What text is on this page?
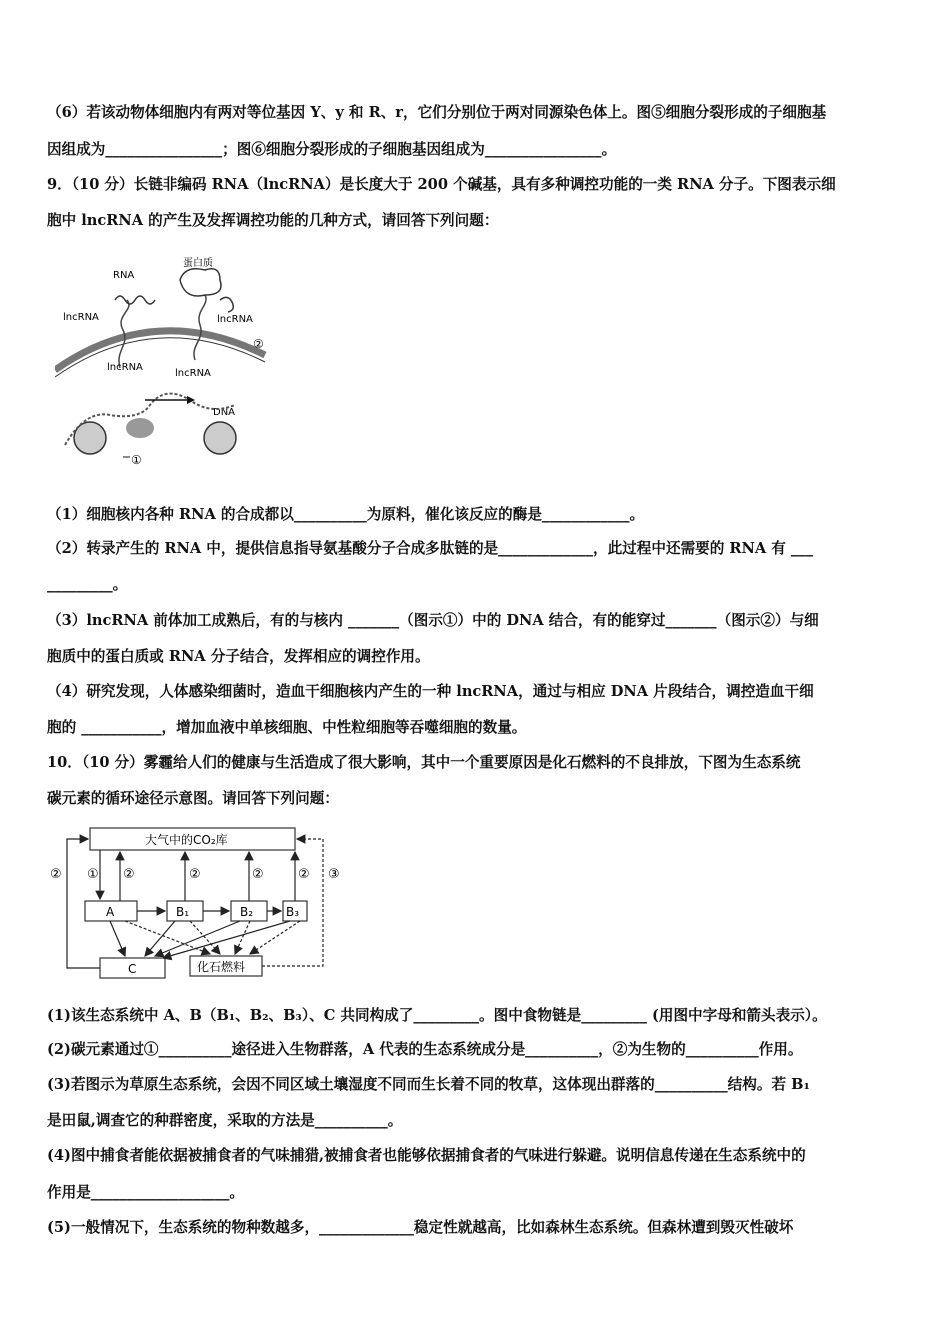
（6）若该动物体细胞内有两对等位基因 Y、y 和 R、r，它们分别位于两对同源染色体上。图⑤细胞分裂形成的子细胞基
因组成为________________；图⑥细胞分裂形成的子细胞基因组成为________________。
9．（10 分）长链非编码 RNA（lncRNA）是长度大于 200 个碱基，具有多种调控功能的一类 RNA 分子。下图表示细
胞中 lncRNA 的产生及发挥调控功能的几种方式，请回答下列问题：
RNA
蛋白质
lncRNA	lncRNA
lncRNA
lncRNA
DNA
②
①
（1）细胞核内各种 RNA 的合成都以__________为原料，催化该反应的酶是____________。
（2）转录产生的 RNA 中，提供信息指导氨基酸分子合成多肽链的是_____________，此过程中还需要的 RNA 有 ___
_________。
（3）lncRNA 前体加工成熟后，有的与核内 _______（图示①）中的 DNA 结合，有的能穿过_______（图示②）与细
胞质中的蛋白质或 RNA 分子结合，发挥相应的调控作用。
（4）研究发现，人体感染细菌时，造血干细胞核内产生的一种 lncRNA，通过与相应 DNA 片段结合，调控造血干细
胞的 ___________，增加血液中单核细胞、中性粒细胞等吞噬细胞的数量。
10．（10 分）雾霾给人们的健康与生活造成了很大影响，其中一个重要原因是化石燃料的不良排放，下图为生态系统
碳元素的循环途径示意图。请回答下列问题：
大气中的CO₂库
A	B₁	B₂	B₃
C	化石燃料
② ① ②	②	②	② ③
(1)该生态系统中 A、B（B₁、B₂、B₃）、C 共同构成了_________。图中食物链是_________ (用图中字母和箭头表示）。
(2)碳元素通过①__________途径进入生物群落，A 代表的生态系统成分是__________，②为生物的__________作用。
(3)若图示为草原生态系统，会因不同区域土壤湿度不同而生长着不同的牧草，这体现出群落的__________结构。若 B₁
是田鼠,调查它的种群密度，采取的方法是__________。
(4)图中捕食者能依据被捕食者的气味捕猎,被捕食者也能够依据捕食者的气味进行躲避。说明信息传递在生态系统中的
作用是___________________。
(5)一般情况下，生态系统的物种数越多，_____________稳定性就越高，比如森林生态系统。但森林遭到毁灭性破坏
